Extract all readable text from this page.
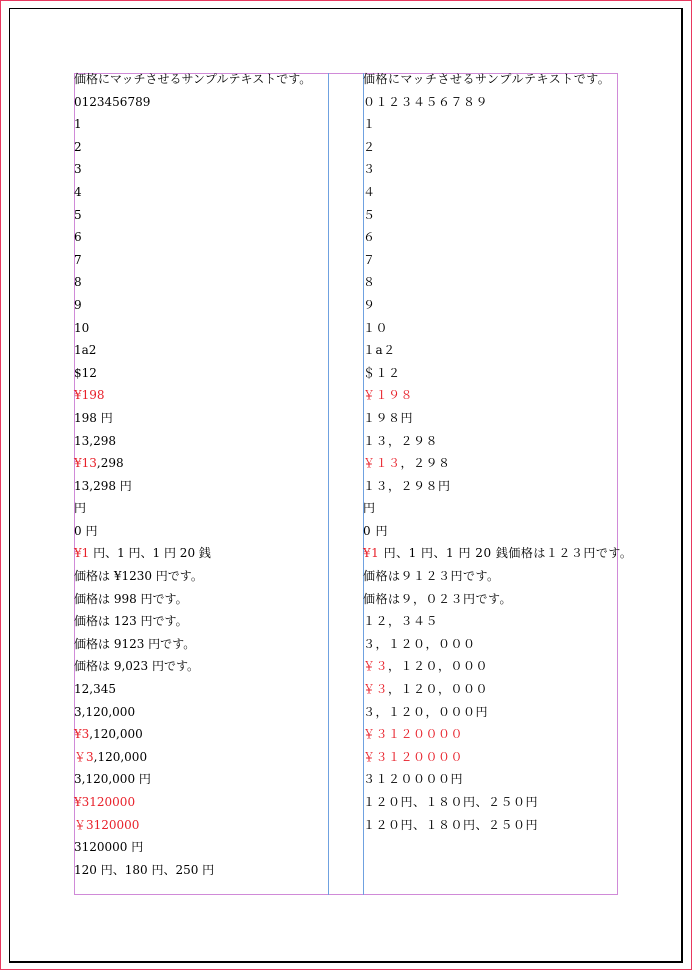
価格にマッチさせるサンプルテキストです。
0123456789
1
2
3
4
5
6
7
8
9
10
1a2
$12
¥198
198 円
13,298
¥13,298
13,298 円
円
0 円
¥1 円、1 円、1 円 20 銭
価格は ¥1230 円です。
価格は 998 円です。
価格は 123 円です。
価格は 9123 円です。
価格は 9,023 円です。
12,345
3,120,000
¥3,120,000
￥3,120,000
3,120,000 円
¥3120000
￥3120000
3120000 円
120 円、180 円、250 円
価格にマッチさせるサンプルテキストです。
０１２３４５６７８９
１
２
３
４
５
６
７
８
９
１０
１a２
＄１２
￥１９８
１９８円
１３，２９８
￥１３，２９８
１３，２９８円
円
0 円
¥1 円、1 円、1 円 20 銭価格は１２３円です。
価格は９１２３円です。
価格は９，０２３円です。
１２，３４５
３，１２０，０００
￥３，１２０，０００
￥３，１２０，０００
３，１２０，０００円
￥３１２００００
￥３１２００００
３１２００００円
１２０円、１８０円、２５０円
１２０円、１８０円、２５０円
